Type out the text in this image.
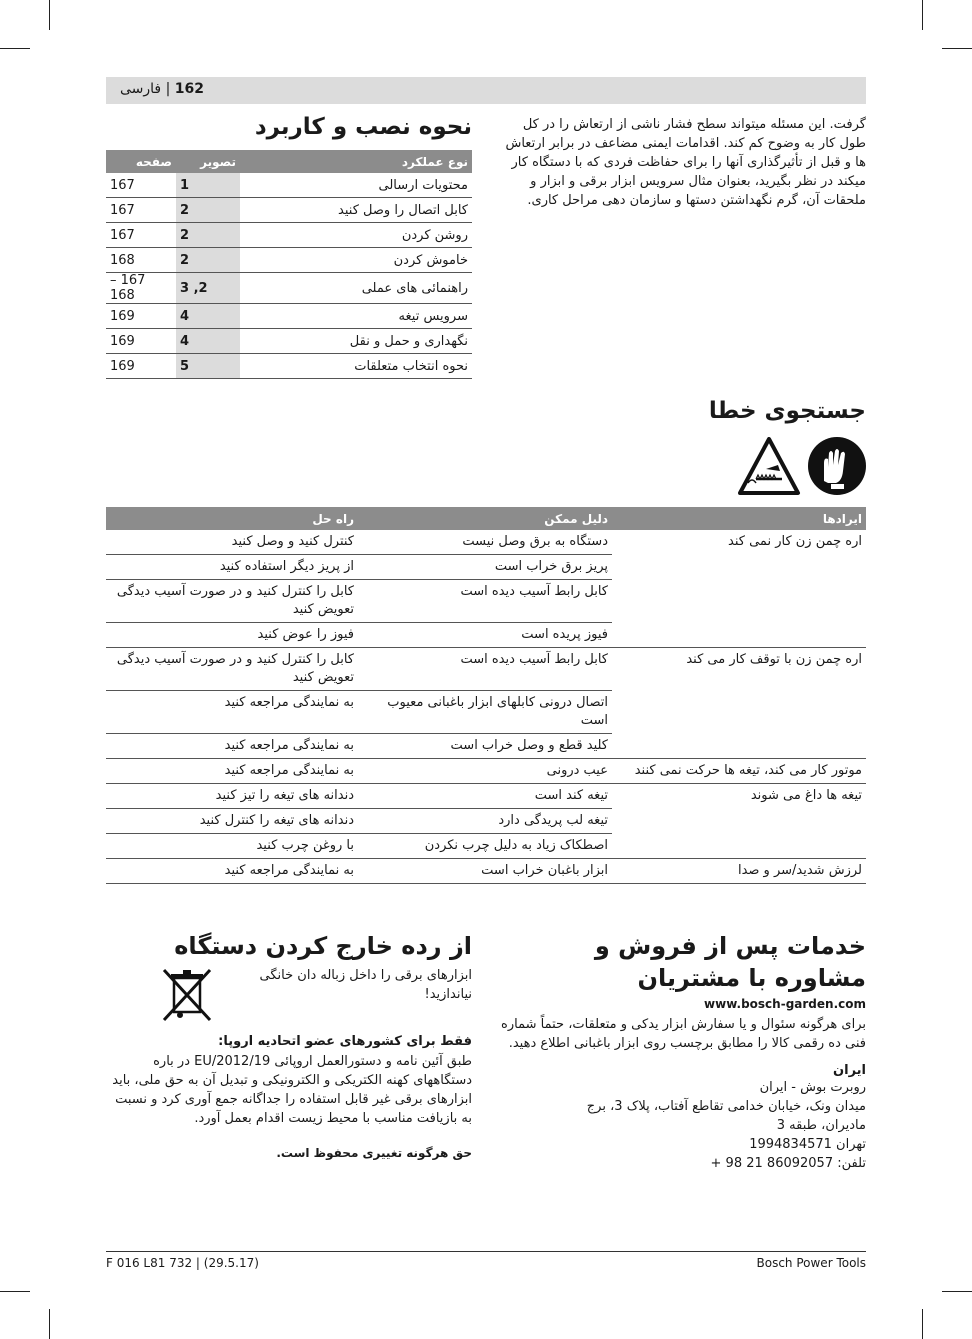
162 | فارسی
گرفت. این مسئله میتواند سطح فشار ناشی از ارتعاش را در کل طول کار به وضوح کم کند. اقدامات ایمنی مضاعف در برابر ارتعاش ها و قبل از تأثیرگذاری آنها را برای حفاظت فردی که با دستگاه کار میکند در نظر بگیرید، بعنوان مثال سرویس ابزار برقی و ابزار و ملحقات آن، گرم نگهداشتن دستها و سازمان دهی مراحل کاری.
نحوه نصب و کاربرد
نوع عملکرد	تصویر	صفحه
محتویات ارسالی	1	167
کابل اتصال را وصل کنید	2	167
روشن کردن	2	167
خاموش کردن	2	168
راهنمائی های عملی	2, 3	167 – 168
سرویس تیغه	4	169
نگهداری و حمل و نقل	4	169
نحوه انتخاب متعلقات	5	169
جستجوی خطا
ایرادها	دلیل ممکن	راه حل
اره چمن زن کار نمی کند	دستگاه به برق وصل نیست	کنترل کنید و وصل کنید
	پریز برق خراب است	از پریز دیگر استفاده کنید
	کابل رابط آسیب دیده است	کابل را کنترل کنید و در صورت آسیب دیدگی تعویض کنید
	فیوز پریده است	فیوز را عوض کنید
اره چمن زن با توقف کار می کند	کابل رابط آسیب دیده است	کابل را کنترل کنید و در صورت آسیب دیدگی تعویض کنید
	اتصال درونی کابلهای ابزار باغبانی معیوب است	به نمایندگی مراجعه کنید
	کلید قطع و وصل خراب است	به نمایندگی مراجعه کنید
موتور کار می کند، تیغه ها حرکت نمی کنند	عیب درونی	به نمایندگی مراجعه کنید
تیغه ها داغ می شوند	تیغه کند است	دندانه های تیغه را تیز کنید
	تیغه لب پریدگی دارد	دندانه های تیغه را کنترل کنید
	اصطکاک زیاد به دلیل چرب نکردن	با روغن چرب کنید
لرزش شدید/سر و صدا	ابزار باغبان خراب است	به نمایندگی مراجعه کنید
خدمات پس از فروش و مشاوره با مشتریان
www.bosch-garden.com
برای هرگونه سئوال و یا سفارش ابزار یدکی و متعلقات، حتماً شماره فنی ده رقمی کالا را مطابق برچسب روی ابزار باغبانی اطلاع دهید.
ایران
روبرت بوش - ایران
میدان ونک، خیابان خدامی تقاطع آفتاب، پلاک 3، برج
مادیران، طبقه 3
تهران 1994834571
تلفن: 86092057 21 98 +
از رده خارج کردن دستگاه
ابزارهای برقی را داخل زباله دان خانگی نیاندازید!
فقط برای کشورهای عضو اتحادیه اروپا:
طبق آئین نامه و دستورالعمل اروپائی 2012/19/EU در باره دستگاههای کهنه الکتریکی و الکترونیکی و تبدیل آن به حق ملی، باید ابزارهای برقی غیر قابل استفاده را جداگانه جمع آوری کرد و نسبت به بازیافت مناسب با محیط زیست اقدام بعمل آورد.
حق هرگونه تغییری محفوظ است.
F 016 L81 732 | (29.5.17)	Bosch Power Tools
